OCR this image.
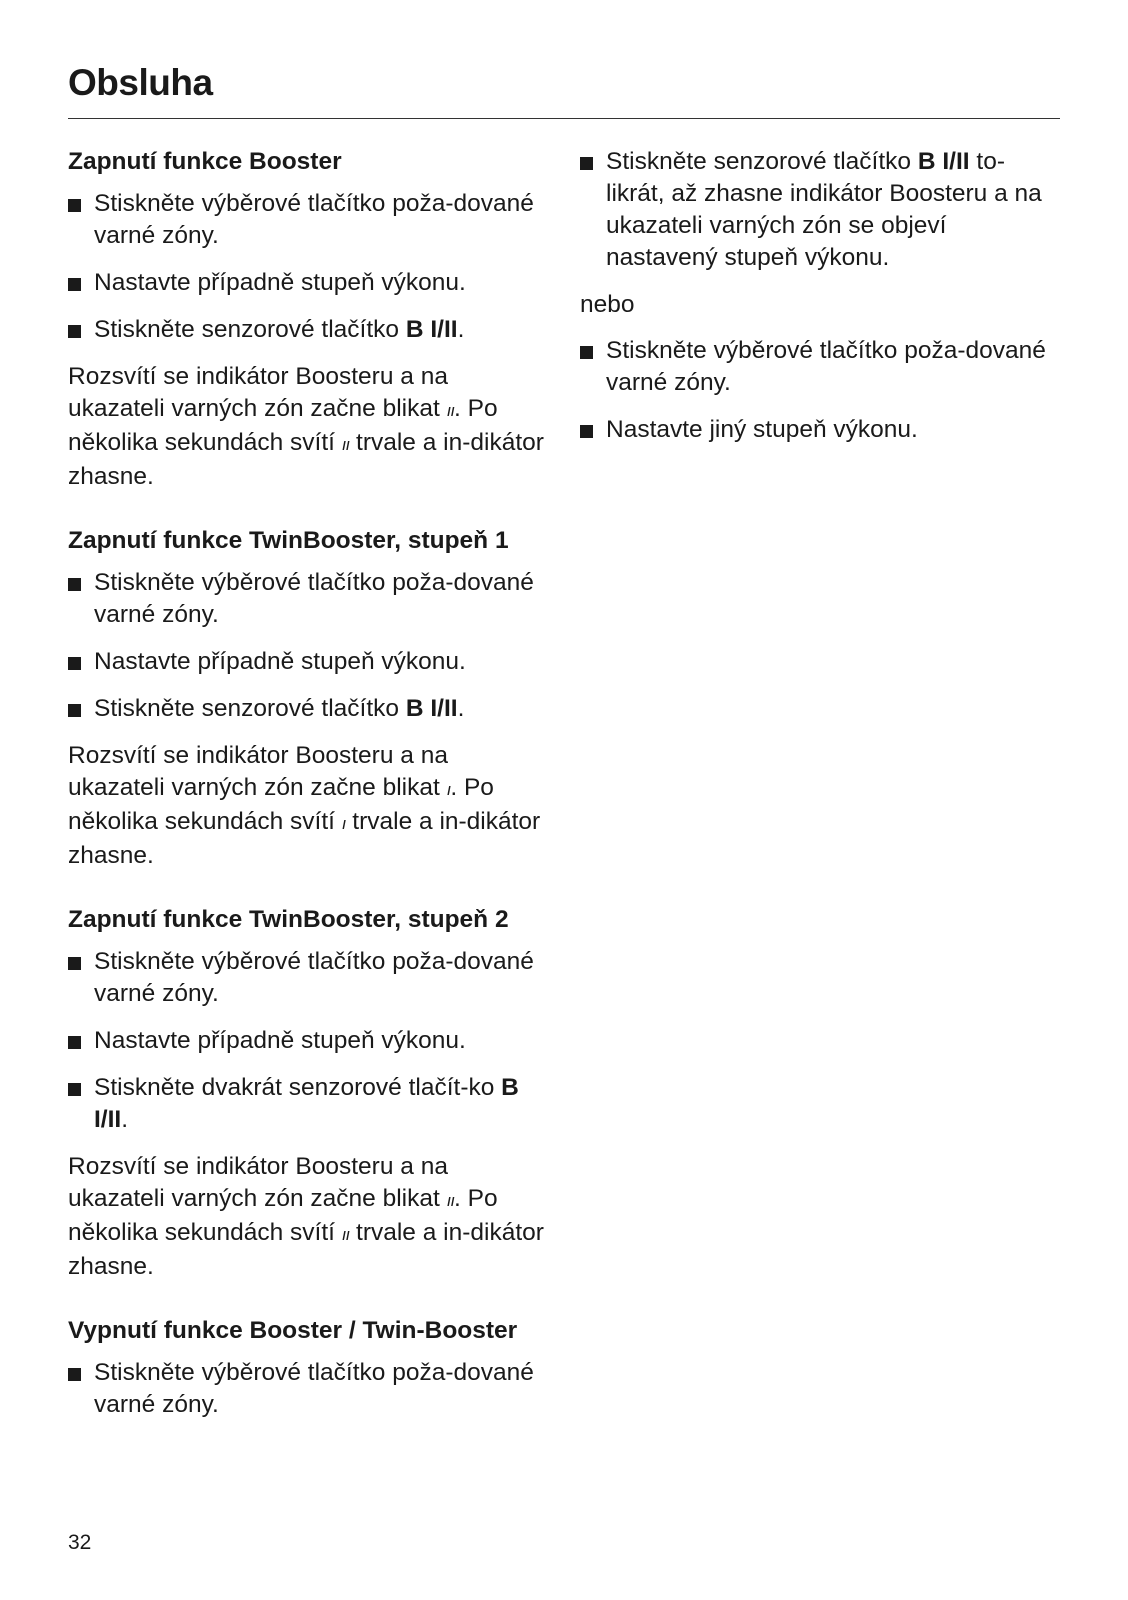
Obsluha
Zapnutí funkce Booster
Stiskněte výběrové tlačítko poža-dované varné zóny.
Nastavte případně stupeň výkonu.
Stiskněte senzorové tlačítko B I/II.

Rozsvítí se indikátor Boosteru a na ukazateli varných zón začne blikat ıı. Po několika sekundách svítí ıı trvale a in-dikátor zhasne.

Zapnutí funkce TwinBooster, stupeň 1
Stiskněte výběrové tlačítko poža-dované varné zóny.
Nastavte případně stupeň výkonu.
Stiskněte senzorové tlačítko B I/II.

Rozsvítí se indikátor Boosteru a na ukazateli varných zón začne blikat ı. Po několika sekundách svítí ı trvale a in-dikátor zhasne.

Zapnutí funkce TwinBooster, stupeň 2
Stiskněte výběrové tlačítko poža-dované varné zóny.
Nastavte případně stupeň výkonu.
Stiskněte dvakrát senzorové tlačít-ko B I/II.

Rozsvítí se indikátor Boosteru a na ukazateli varných zón začne blikat ıı. Po několika sekundách svítí ıı trvale a in-dikátor zhasne.

Vypnutí funkce Booster / Twin-Booster
Stiskněte výběrové tlačítko poža-dované varné zóny.
Stiskněte senzorové tlačítko B I/II to-likrát, až zhasne indikátor Boosteru a na ukazateli varných zón se objeví nastavený stupeň výkonu.

nebo

Stiskněte výběrové tlačítko poža-dované varné zóny.
Nastavte jiný stupeň výkonu.
32
